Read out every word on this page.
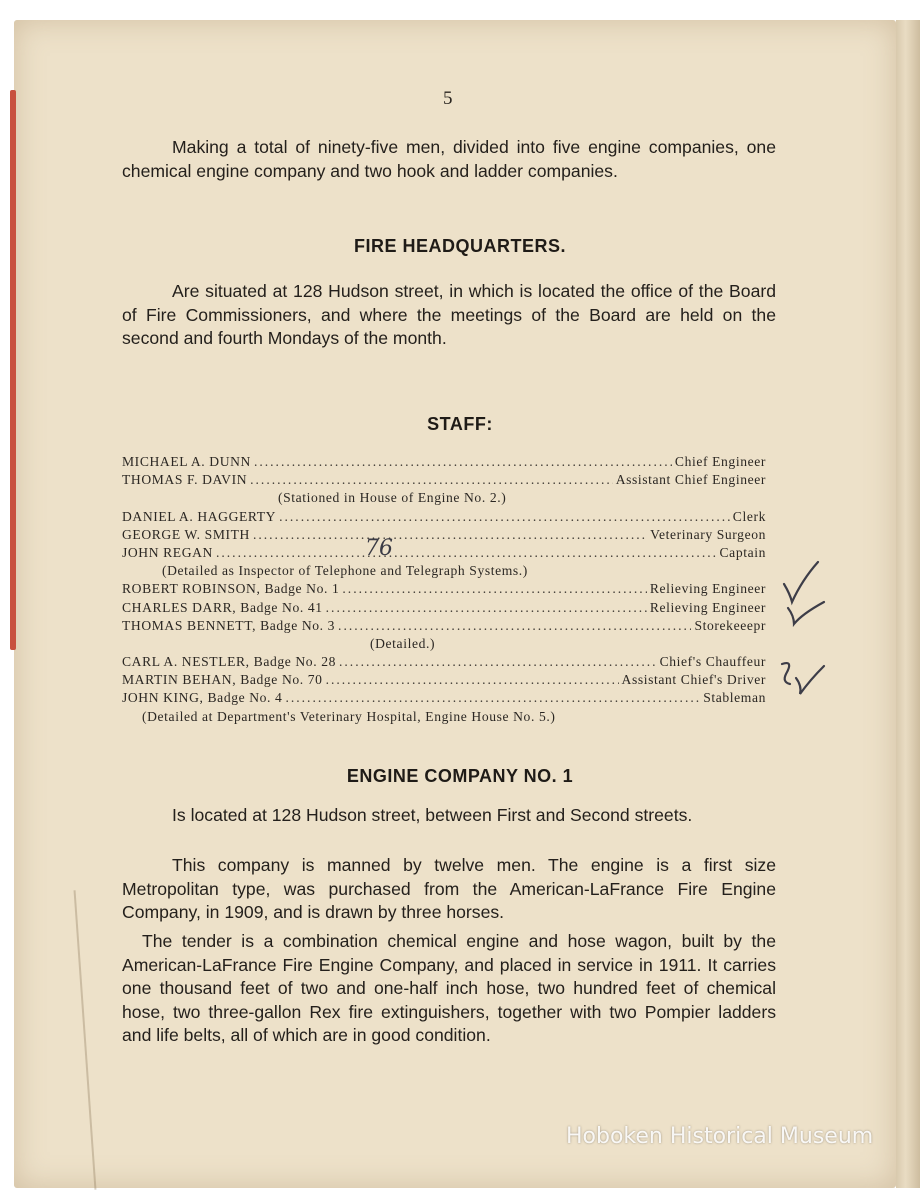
5

Making a total of ninety-five men, divided into five engine companies, one chemical engine company and two hook and ladder companies.

FIRE HEADQUARTERS.

Are situated at 128 Hudson street, in which is located the office of the Board of Fire Commissioners, and where the meetings of the Board are held on the second and fourth Mondays of the month.

STAFF:
MICHAEL A. DUNN .....	Chief Engineer
THOMAS F. DAVIN .....	Assistant Chief Engineer
(Stationed in House of Engine No. 2.)
DANIEL A. HAGGERTY .....	Clerk
GEORGE W. SMITH .....	Veterinary Surgeon
JOHN REGAN .....	Captain
(Detailed as Inspector of Telephone and Telegraph Systems.)
ROBERT ROBINSON, Badge No. 1 .....	Relieving Engineer
CHARLES DARR, Badge No. 41 .....	Relieving Engineer
THOMAS BENNETT, Badge No. 3 .....	Storekeeepr
(Detailed.)
CARL A. NESTLER, Badge No. 28 .....	Chief's Chauffeur
MARTIN BEHAN, Badge No. 70 .....	Assistant Chief's Driver
JOHN KING, Badge No. 4 .....	Stableman
(Detailed at Department's Veterinary Hospital, Engine House No. 5.)
76
ENGINE COMPANY NO. 1

Is located at 128 Hudson street, between First and Second streets.

This company is manned by twelve men. The engine is a first size Metropolitan type, was purchased from the American-LaFrance Fire Engine Company, in 1909, and is drawn by three horses.

The tender is a combination chemical engine and hose wagon, built by the American-LaFrance Fire Engine Company, and placed in service in 1911. It carries one thousand feet of two and one-half inch hose, two hundred feet of chemical hose, two three-gallon Rex fire extinguishers, together with two Pompier ladders and life belts, all of which are in good condition.

Hoboken Historical Museum
